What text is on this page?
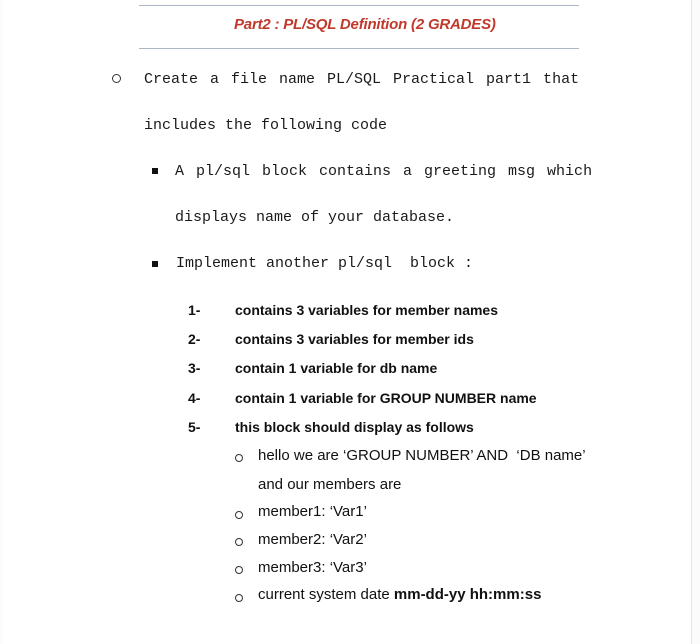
Part2 : PL/SQL Definition (2 GRADES)
Create a file name PL/SQL Practical part1 that
includes the following code
A pl/sql block contains a greeting msg which
displays name of your database.
Implement another pl/sql  block :
1- contains 3 variables for member names
2- contains 3 variables for member ids
3- contain 1 variable for db name
4- contain 1 variable for GROUP NUMBER name
5- this block should display as follows
hello we are ‘GROUP NUMBER’ AND  ‘DB name’
and our members are
member1: ‘Var1’
member2: ‘Var2’
member3: ‘Var3’
current system date mm-dd-yy hh:mm:ss
